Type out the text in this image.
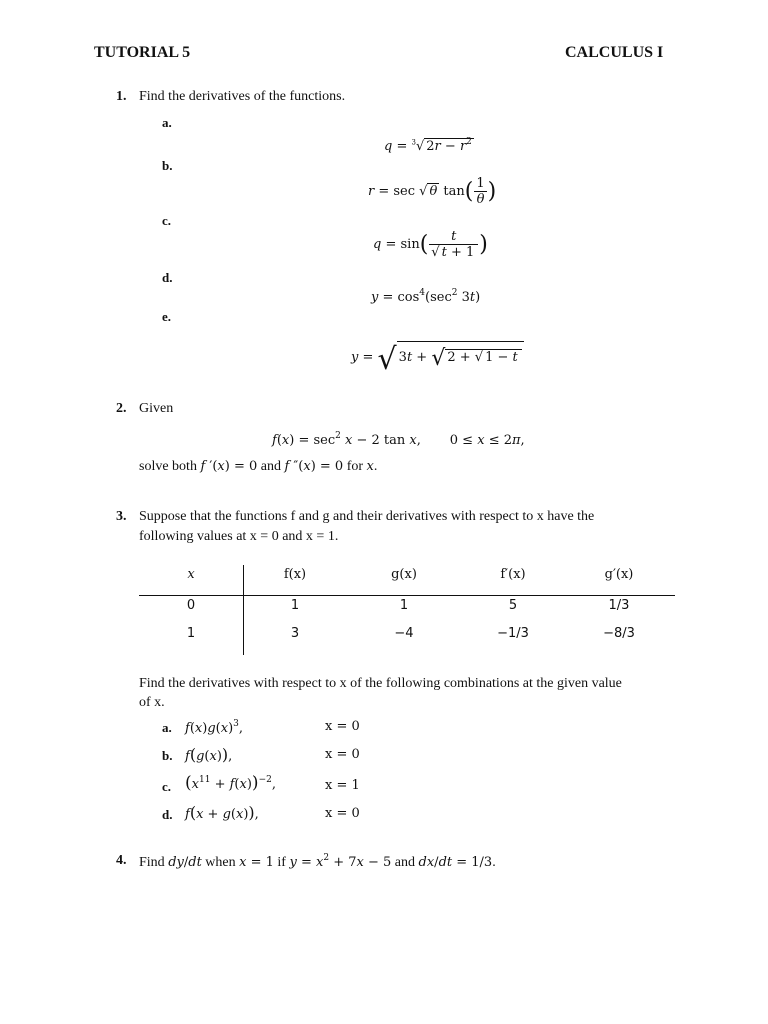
TUTORIAL 5	CALCULUS I
1. Find the derivatives of the functions.
a.
q = $^3$√ $2r - r^2$
b.
r = sec √ θ $\tan( \frac{1}{\theta}$ )
c.
$q = \sin( \frac{t}{√ t + 1}$ )
d.
$y = \cos^4(\sec^2$ 3t)
e.
y = √ 3t + √ 2 + √ 1 − t
2. Given
$f(x) = \sec^2 x - 2$ tan x,       0 ≤ x ≤ 2π,
solve both f ′(x) = 0 and f ″(x) = 0 for x.
3. Suppose that the functions f and g and their derivatives with respect to x have the
following values at x = 0 and x = 1.
x	f(x)	g(x)	f′(x)	g′(x)
0	1	1	5	1/3
1	3	−4	−1/3	−8/3
Find the derivatives with respect to x of the following combinations at the given value
of x.
a. $f(x)g(x)^3$,	x = 0
b. f(g(x)),	x = 0
c. $(x^{11} + f(x))^{-2}$,	x = 1
d. f(x + g(x)),	x = 0
4. Find dy/dt when x = 1 if $y = x^2 + 7x - 5$ and dx/dt = 1/3.
